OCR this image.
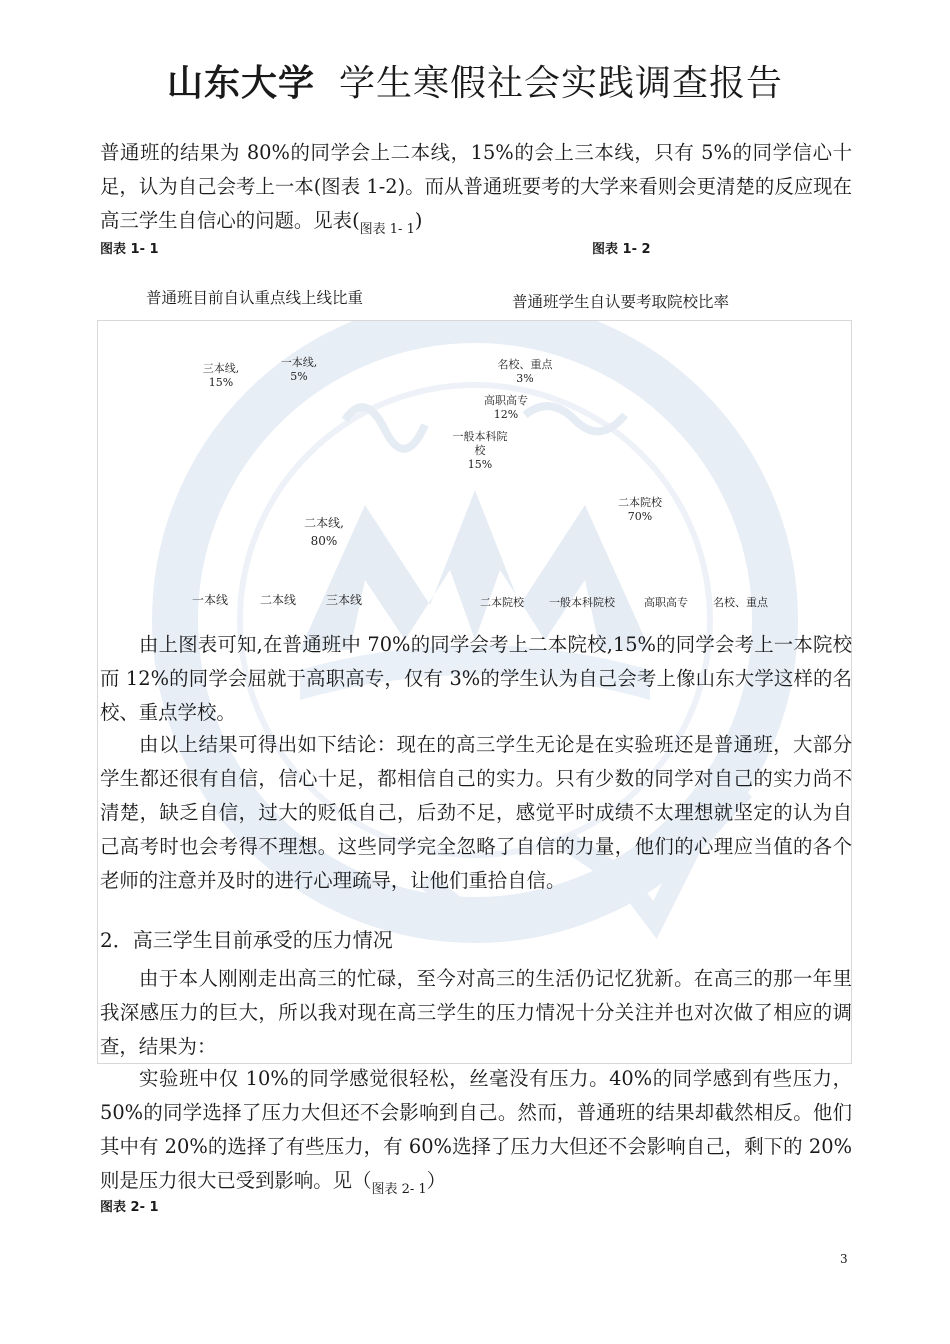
山东大学 学生寒假社会实践调查报告

普通班的结果为 80%的同学会上二本线，15%的会上三本线，只有 5%的同学信心十足，认为自己会考上一本(图表 1-2)。而从普通班要考的大学来看则会更清楚的反应现在高三学生自信心的问题。见表$(_{图表 1- 1})$

图表 1- 1	图表 1- 2
普通班目前自认重点线上线比重	普通班学生自认要考取院校比率
三本线,
15%
一本线,
5%
二本线,
80%
一本线	二本线 三本线
名校、重点
3%
高职高专
12%
一般本科院
校
15%
二本院校
70%
二本院校 一般本科院校	高职高专 名校、重点

由上图表可知,在普通班中 70%的同学会考上二本院校,15%的同学会考上一本院校而 12%的同学会屈就于高职高专，仅有 3%的学生认为自己会考上像山东大学这样的名校、重点学校。

由以上结果可得出如下结论：现在的高三学生无论是在实验班还是普通班，大部分学生都还很有自信，信心十足，都相信自己的实力。只有少数的同学对自己的实力尚不清楚，缺乏自信，过大的贬低自己，后劲不足，感觉平时成绩不太理想就坚定的认为自己高考时也会考得不理想。这些同学完全忽略了自信的力量，他们的心理应当值的各个老师的注意并及时的进行心理疏导，让他们重拾自信。

2．高三学生目前承受的压力情况

由于本人刚刚走出高三的忙碌，至今对高三的生活仍记忆犹新。在高三的那一年里我深感压力的巨大，所以我对现在高三学生的压力情况十分关注并也对次做了相应的调查，结果为：

实验班中仅 10%的同学感觉很轻松，丝毫没有压力。40%的同学感到有些压力，50%的同学选择了压力大但还不会影响到自己。然而，普通班的结果却截然相反。他们其中有 20%的选择了有些压力，有 60%选择了压力大但还不会影响自己，剩下的 20%则是压力很大已受到影响。见$(_{图表 2- 1})$

图表 2- 1
3
